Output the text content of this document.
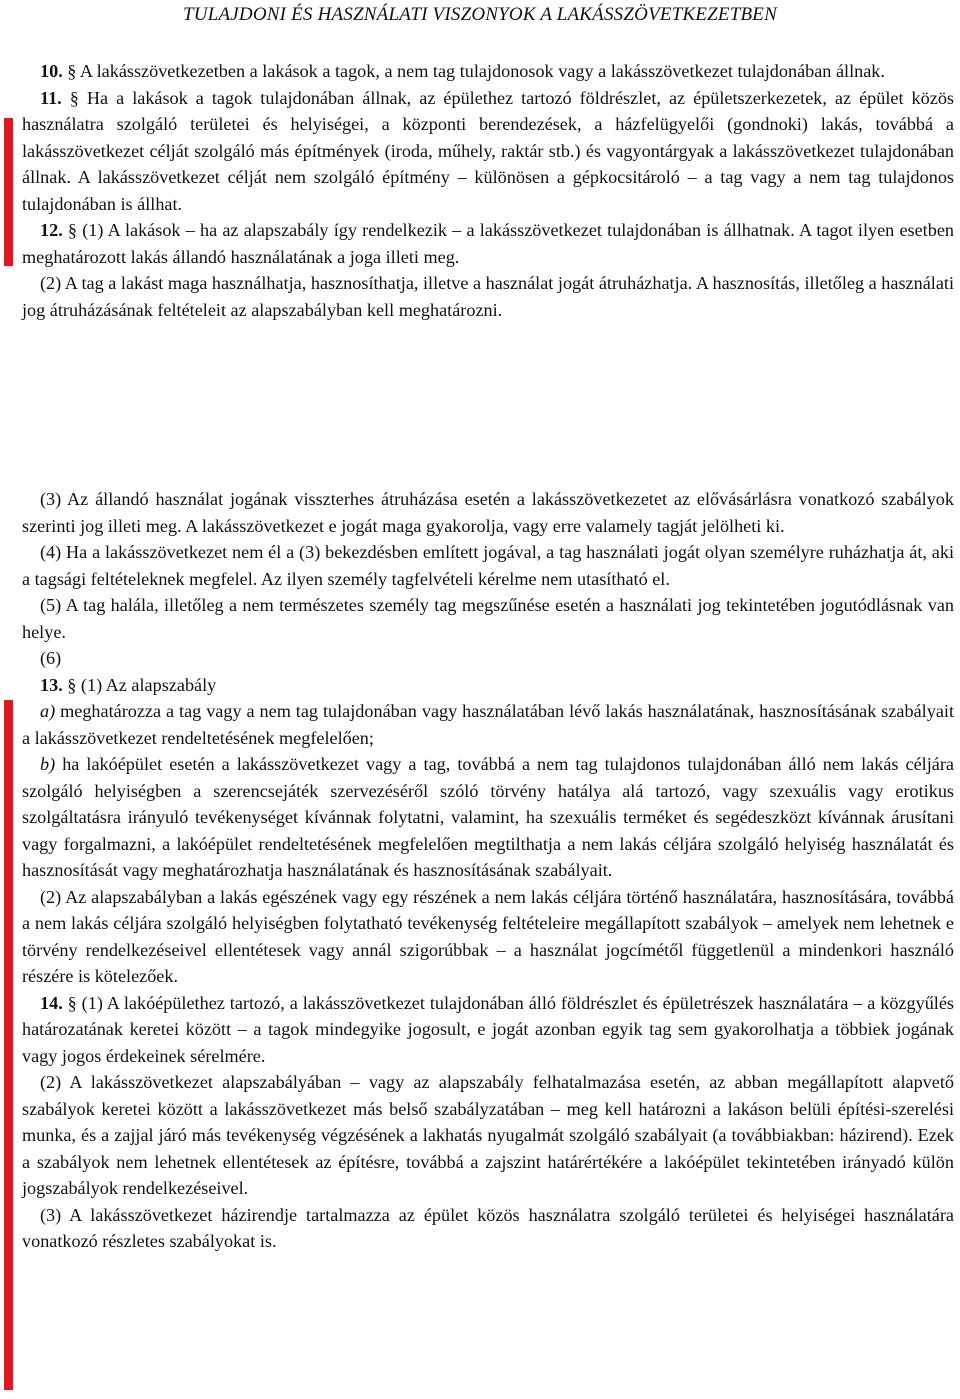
TULAJDONI ÉS HASZNÁLATI VISZONYOK A LAKÁSSZÖVETKEZETBEN

10. § A lakásszövetkezetben a lakások a tagok, a nem tag tulajdonosok vagy a lakásszövetkezet tulajdonában állnak.

11. § Ha a lakások a tagok tulajdonában állnak, az épülethez tartozó földrészlet, az épületszerkezetek, az épület közös használatra szolgáló területei és helyiségei, a központi berendezések, a házfelügyelői (gondnoki) lakás, továbbá a lakásszövetkezet célját szolgáló más építmények (iroda, műhely, raktár stb.) és vagyontárgyak a lakásszövetkezet tulajdonában állnak. A lakásszövetkezet célját nem szolgáló építmény – különösen a gépkocsitároló – a tag vagy a nem tag tulajdonos tulajdonában is állhat.

12. § (1) A lakások – ha az alapszabály így rendelkezik – a lakásszövetkezet tulajdonában is állhatnak. A tagot ilyen esetben meghatározott lakás állandó használatának a joga illeti meg.

(2) A tag a lakást maga használhatja, hasznosíthatja, illetve a használat jogát átruházhatja. A hasznosítás, illetőleg a használati jog átruházásának feltételeit az alapszabályban kell meghatározni.

(3) Az állandó használat jogának visszterhes átruházása esetén a lakásszövetkezetet az elővásárlásra vonatkozó szabályok szerinti jog illeti meg. A lakásszövetkezet e jogát maga gyakorolja, vagy erre valamely tagját jelölheti ki.

(4) Ha a lakásszövetkezet nem él a (3) bekezdésben említett jogával, a tag használati jogát olyan személyre ruházhatja át, aki a tagsági feltételeknek megfelel. Az ilyen személy tagfelvételi kérelme nem utasítható el.

(5) A tag halála, illetőleg a nem természetes személy tag megszűnése esetén a használati jog tekintetében jogutódlásnak van helye.

(6)

13. § (1) Az alapszabály

a) meghatározza a tag vagy a nem tag tulajdonában vagy használatában lévő lakás használatának, hasznosításának szabályait a lakásszövetkezet rendeltetésének megfelelően;

b) ha lakóépület esetén a lakásszövetkezet vagy a tag, továbbá a nem tag tulajdonos tulajdonában álló nem lakás céljára szolgáló helyiségben a szerencsejáték szervezéséről szóló törvény hatálya alá tartozó, vagy szexuális vagy erotikus szolgáltatásra irányuló tevékenységet kívánnak folytatni, valamint, ha szexuális terméket és segédeszközt kívánnak árusítani vagy forgalmazni, a lakóépület rendeltetésének megfelelően megtilthatja a nem lakás céljára szolgáló helyiség használatát és hasznosítását vagy meghatározhatja használatának és hasznosításának szabályait.

(2) Az alapszabályban a lakás egészének vagy egy részének a nem lakás céljára történő használatára, hasznosítására, továbbá a nem lakás céljára szolgáló helyiségben folytatható tevékenység feltételeire megállapított szabályok – amelyek nem lehetnek e törvény rendelkezéseivel ellentétesek vagy annál szigorúbbak – a használat jogcímétől függetlenül a mindenkori használó részére is kötelezőek.

14. § (1) A lakóépülethez tartozó, a lakásszövetkezet tulajdonában álló földrészlet és épületrészek használatára – a közgyűlés határozatának keretei között – a tagok mindegyike jogosult, e jogát azonban egyik tag sem gyakorolhatja a többiek jogának vagy jogos érdekeinek sérelmére.

(2) A lakásszövetkezet alapszabályában – vagy az alapszabály felhatalmazása esetén, az abban megállapított alapvető szabályok keretei között a lakásszövetkezet más belső szabályzatában – meg kell határozni a lakáson belüli építési-szerelési munka, és a zajjal járó más tevékenység végzésének a lakhatás nyugalmát szolgáló szabályait (a továbbiakban: házirend). Ezek a szabályok nem lehetnek ellentétesek az építésre, továbbá a zajszint határértékére a lakóépület tekintetében irányadó külön jogszabályok rendelkezéseivel.

(3) A lakásszövetkezet házirendje tartalmazza az épület közös használatra szolgáló területei és helyiségei használatára vonatkozó részletes szabályokat is.
